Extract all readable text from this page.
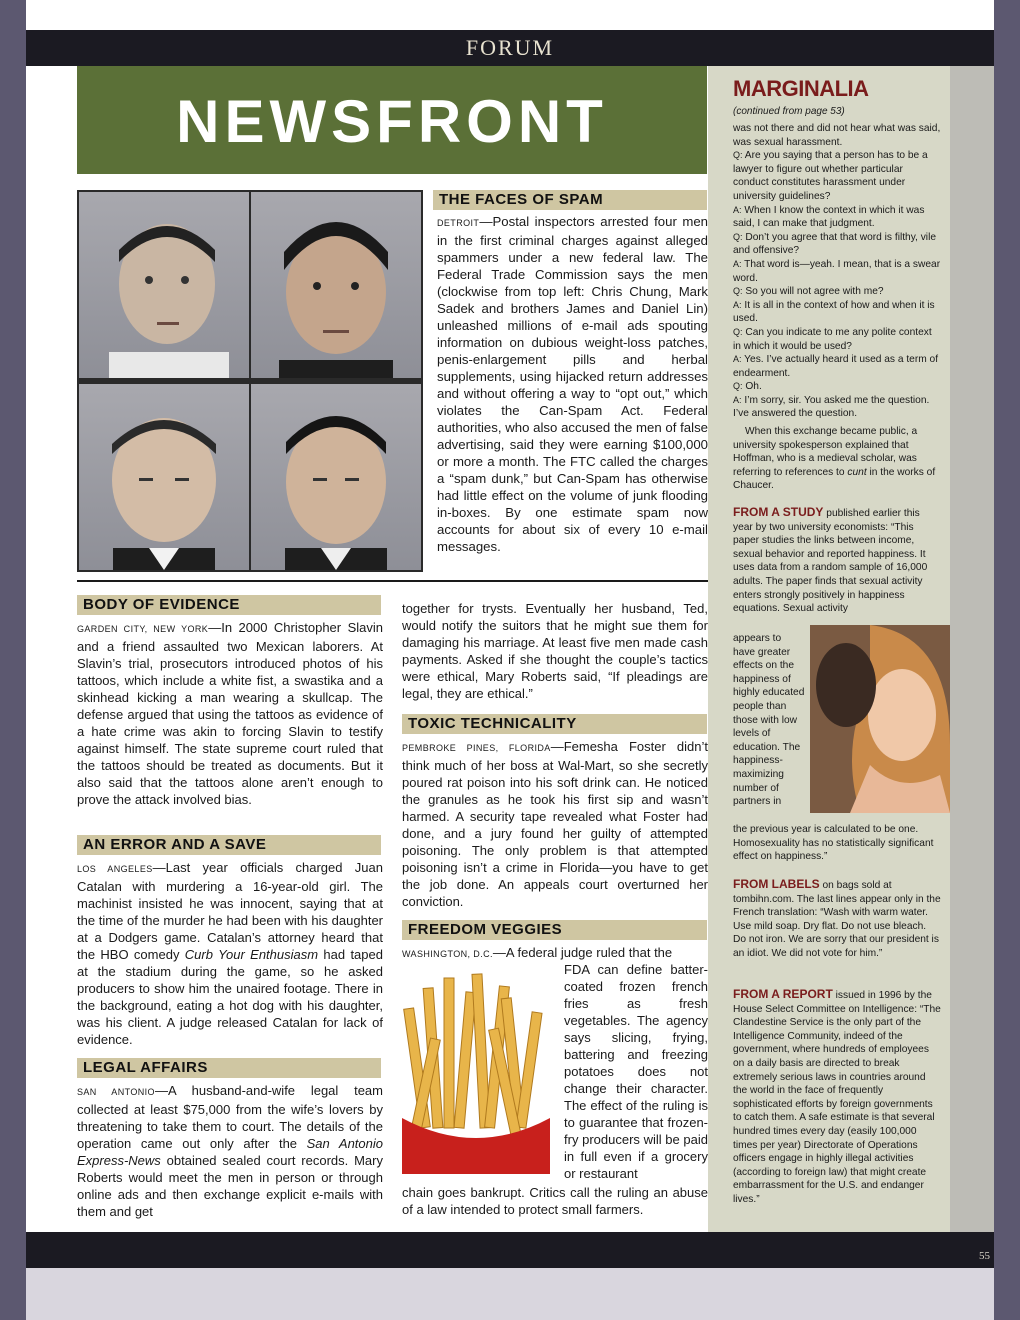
FORUM
NEWSFRONT
55
THE FACES OF SPAM

DETROIT—Postal inspectors arrested four men in the first criminal charges against alleged spammers under a new federal law. The Federal Trade Commission says the men (clockwise from top left: Chris Chung, Mark Sadek and brothers James and Daniel Lin) unleashed millions of e-mail ads spouting information on dubious weight-loss patches, penis-enlargement pills and herbal supplements, using hijacked return addresses and without offering a way to “opt out,” which violates the Can-Spam Act. Federal authorities, who also accused the men of false advertising, said they were earning $100,000 or more a month. The FTC called the charges a “spam dunk,” but Can-Spam has otherwise had little effect on the volume of junk flooding in-boxes. By one estimate spam now accounts for about six of every 10 e-mail messages.

BODY OF EVIDENCE

GARDEN CITY, NEW YORK—In 2000 Christopher Slavin and a friend assaulted two Mexican laborers. At Slavin’s trial, prosecutors introduced photos of his tattoos, which include a white fist, a swastika and a skinhead kicking a man wearing a skullcap. The defense argued that using the tattoos as evidence of a hate crime was akin to forcing Slavin to testify against himself. The state supreme court ruled that the tattoos should be treated as documents. But it also said that the tattoos alone aren’t enough to prove the attack involved bias.

AN ERROR AND A SAVE

LOS ANGELES—Last year officials charged Juan Catalan with murdering a 16-year-old girl. The machinist insisted he was innocent, saying that at the time of the murder he had been with his daughter at a Dodgers game. Catalan’s attorney heard that the HBO comedy Curb Your Enthusiasm had taped at the stadium during the game, so he asked producers to show him the unaired footage. There in the background, eating a hot dog with his daughter, was his client. A judge released Catalan for lack of evidence.

LEGAL AFFAIRS

SAN ANTONIO—A husband-and-wife legal team collected at least $75,000 from the wife’s lovers by threatening to take them to court. The details of the operation came out only after the San Antonio Express-News obtained sealed court records. Mary Roberts would meet the men in person or through online ads and then exchange explicit e-mails with them and get

together for trysts. Eventually her husband, Ted, would notify the suitors that he might sue them for damaging his marriage. At least five men made cash payments. Asked if she thought the couple’s tactics were ethical, Mary Roberts said, “If pleadings are legal, they are ethical.”

TOXIC TECHNICALITY

PEMBROKE PINES, FLORIDA—Femesha Foster didn’t think much of her boss at Wal-Mart, so she secretly poured rat poison into his soft drink can. He noticed the granules as he took his first sip and wasn’t harmed. A security tape revealed what Foster had done, and a jury found her guilty of attempted poisoning. The only problem is that attempted poisoning isn’t a crime in Florida—you have to get the job done. An appeals court overturned her conviction.

FREEDOM VEGGIES

WASHINGTON, D.C.—A federal judge ruled that the

FDA can define batter-coated frozen french fries as fresh vegetables. The agency says slicing, frying, battering and freezing potatoes does not change their character. The effect of the ruling is to guarantee that frozen-fry producers will be paid in full even if a grocery or restaurant

chain goes bankrupt. Critics call the ruling an abuse of a law intended to protect small farmers.

MARGINALIA
(continued from page 53)
was not there and did not hear what was said, was sexual harassment.
Q: Are you saying that a person has to be a lawyer to figure out whether particular conduct constitutes harassment under university guidelines?
A: When I know the context in which it was said, I can make that judgment.
Q: Don’t you agree that that word is filthy, vile and offensive?
A: That word is—yeah. I mean, that is a swear word.
Q: So you will not agree with me?
A: It is all in the context of how and when it is used.
Q: Can you indicate to me any polite context in which it would be used?
A: Yes. I’ve actually heard it used as a term of endearment.
Q: Oh.
A: I’m sorry, sir. You asked me the question. I’ve answered the question.

When this exchange became public, a university spokesperson explained that Hoffman, who is a medieval scholar, was referring to references to cunt in the works of Chaucer.

FROM A STUDY published earlier this year by two university economists: “This paper studies the links between income, sexual behavior and reported happiness. It uses data from a random sample of 16,000 adults. The paper finds that sexual activity enters strongly positively in happiness equations. Sexual activity

appears to have greater effects on the happiness of highly educated people than those with low levels of education. The happiness-maximizing number of partners in

the previous year is calculated to be one. Homosexuality has no statistically significant effect on happiness.”

FROM LABELS on bags sold at tombihn.com. The last lines appear only in the French translation: “Wash with warm water. Use mild soap. Dry flat. Do not use bleach. Do not iron. We are sorry that our president is an idiot. We did not vote for him.”

FROM A REPORT issued in 1996 by the House Select Committee on Intelligence: “The Clandestine Service is the only part of the Intelligence Community, indeed of the government, where hundreds of employees on a daily basis are directed to break extremely serious laws in countries around the world in the face of frequently sophisticated efforts by foreign governments to catch them. A safe estimate is that several hundred times every day (easily 100,000 times per year) Directorate of Operations officers engage in highly illegal activities (according to foreign law) that might create embarrassment for the U.S. and endanger lives.”
